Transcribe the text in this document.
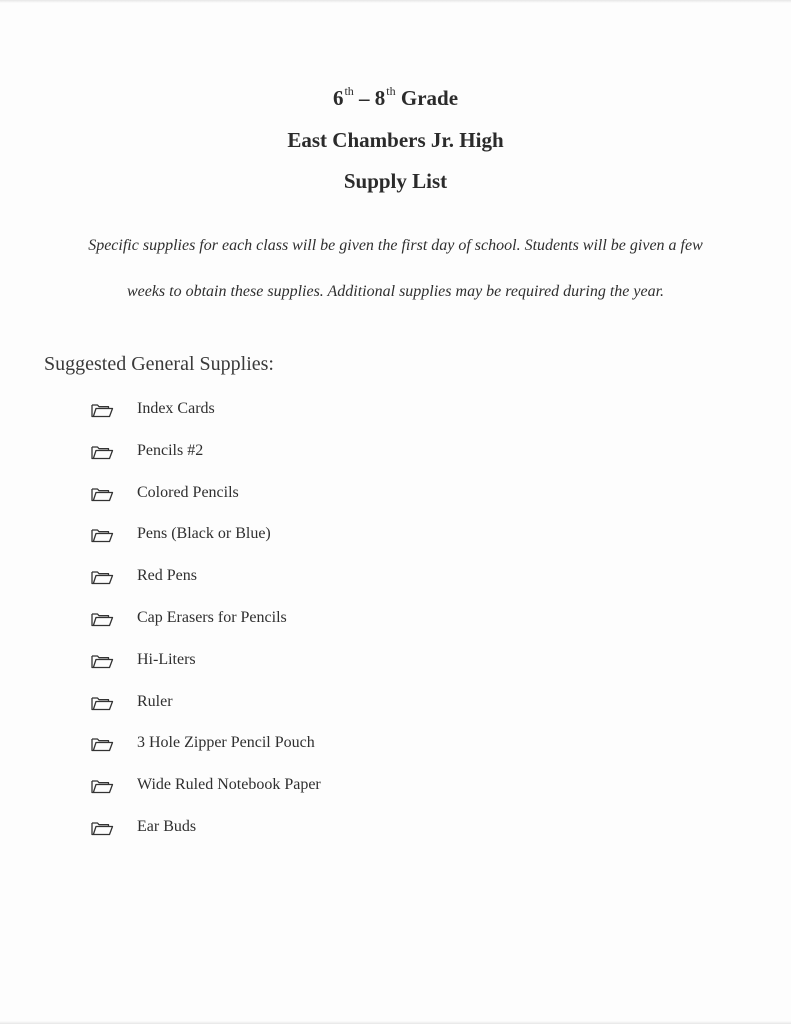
6th – 8th Grade
East Chambers Jr. High
Supply List
Specific supplies for each class will be given the first day of school. Students will be given a few
weeks to obtain these supplies. Additional supplies may be required during the year.
Suggested General Supplies:
Index Cards
Pencils #2
Colored Pencils
Pens (Black or Blue)
Red Pens
Cap Erasers for Pencils
Hi-Liters
Ruler
3 Hole Zipper Pencil Pouch
Wide Ruled Notebook Paper
Ear Buds
